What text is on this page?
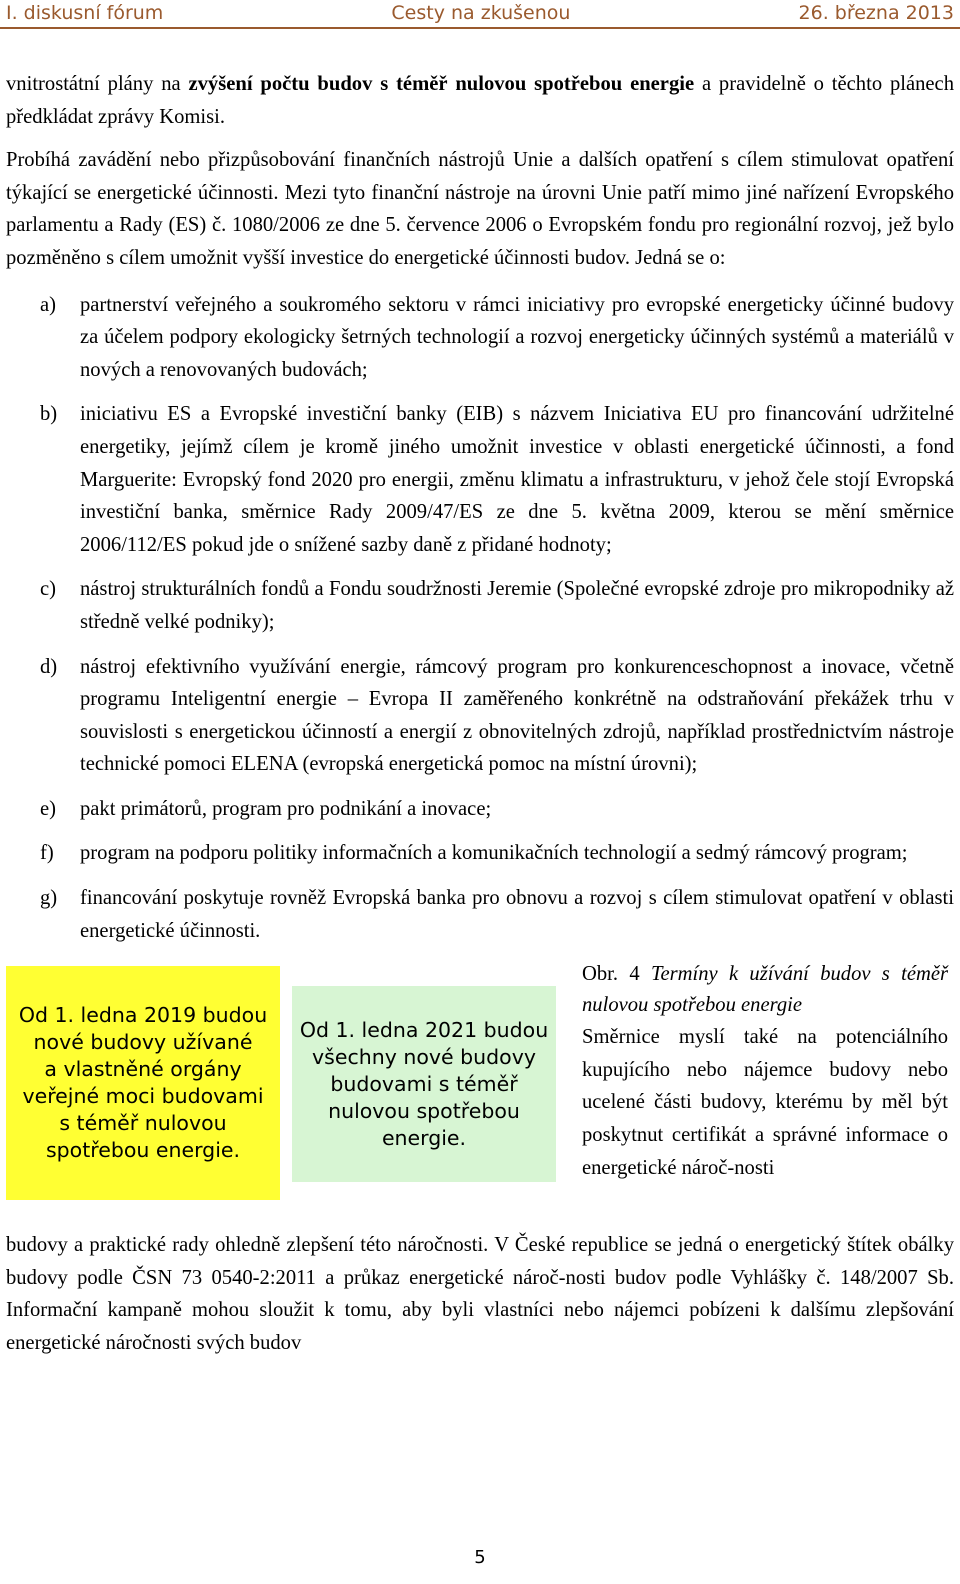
I. diskusní fórum	Cesty na zkušenou	26. března 2013

vnitrostátní plány na zvýšení počtu budov s téměř nulovou spotřebou energie a pravidelně o těchto plánech předkládat zprávy Komisi.

Probíhá zavádění nebo přizpůsobování finančních nástrojů Unie a dalších opatření s cílem stimulovat opatření týkající se energetické účinnosti. Mezi tyto finanční nástroje na úrovni Unie patří mimo jiné nařízení Evropského parlamentu a Rady (ES) č. 1080/2006 ze dne 5. července 2006 o Evropském fondu pro regionální rozvoj, jež bylo pozměněno s cílem umožnit vyšší investice do energetické účinnosti budov. Jedná se o:

a)	partnerství veřejného a soukromého sektoru v rámci iniciativy pro evropské energeticky účinné budovy za účelem podpory ekologicky šetrných technologií a rozvoj energeticky účinných systémů a materiálů v nových a renovovaných budovách;
b)	iniciativu ES a Evropské investiční banky (EIB) s názvem Iniciativa EU pro financování udržitelné energetiky, jejímž cílem je kromě jiného umožnit investice v oblasti energetické účinnosti, a fond Marguerite: Evropský fond 2020 pro energii, změnu klimatu a infrastrukturu, v jehož čele stojí Evropská investiční banka, směrnice Rady 2009/47/ES ze dne 5. května 2009, kterou se mění směrnice 2006/112/ES pokud jde o snížené sazby daně z přidané hodnoty;
c)	nástroj strukturálních fondů a Fondu soudržnosti Jeremie (Společné evropské zdroje pro mikropodniky až středně velké podniky);
d)	nástroj efektivního využívání energie, rámcový program pro konkurenceschopnost a inovace, včetně programu Inteligentní energie – Evropa II zaměřeného konkrétně na odstraňování překážek trhu v souvislosti s energetickou účinností a energií z obnovitelných zdrojů, například prostřednictvím nástroje technické pomoci ELENA (evropská energetická pomoc na místní úrovni);
e)	pakt primátorů, program pro podnikání a inovace;
f)	program na podporu politiky informačních a komunikačních technologií a sedmý rámcový program;
g)	financování poskytuje rovněž Evropská banka pro obnovu a rozvoj s cílem stimulovat opatření v oblasti energetické účinnosti.
Od 1. ledna 2019 budou
nové budovy užívané
a vlastněné orgány
veřejné moci budovami
s téměř nulovou
spotřebou energie.
Od 1. ledna 2021 budou
všechny nové budovy
budovami s téměř
nulovou spotřebou
energie.

Obr. 4 Termíny k užívání budov s téměř nulovou spotřebou energie

Směrnice myslí také na potenciálního kupujícího nebo nájemce budovy nebo ucelené části budovy, kterému by měl být poskytnut certifikát a správné informace o energetické nároč-nosti

budovy a praktické rady ohledně zlepšení této náročnosti. V České republice se jedná o energetický štítek obálky budovy podle ČSN 73 0540-2:2011 a průkaz energetické nároč-nosti budov podle Vyhlášky č. 148/2007 Sb. Informační kampaně mohou sloužit k tomu, aby byli vlastníci nebo nájemci pobízeni k dalšímu zlepšování energetické náročnosti svých budov

5
